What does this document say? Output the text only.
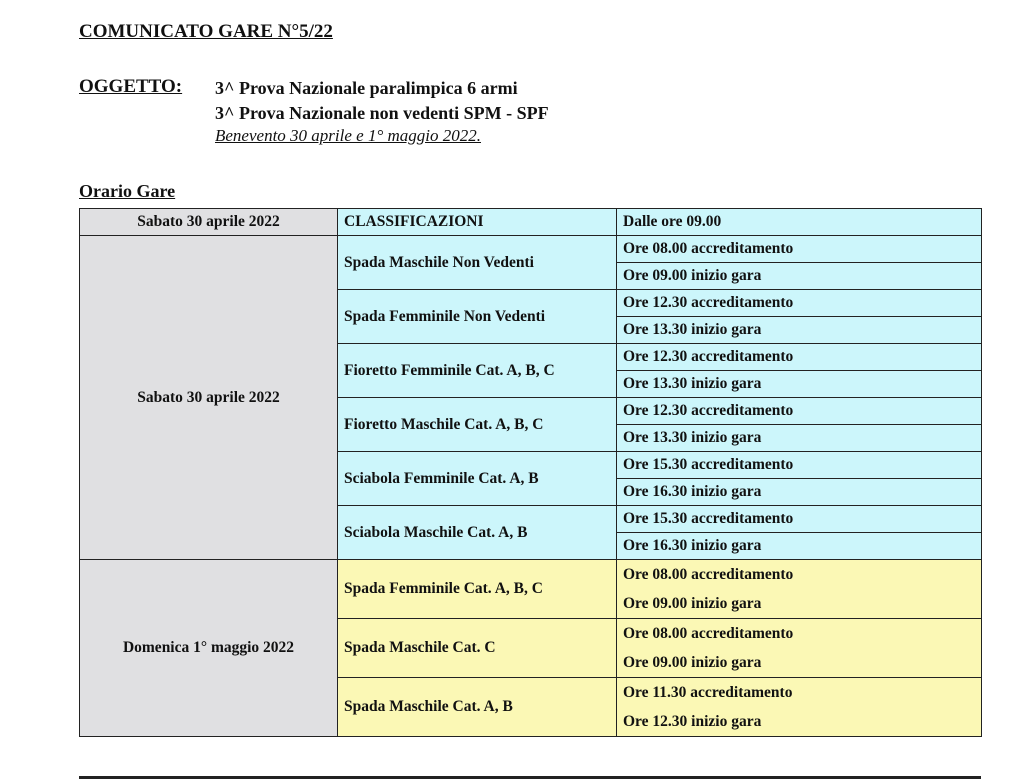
COMUNICATO GARE N°5/22
OGGETTO: 3^ Prova Nazionale paralimpica 6 armi
3^ Prova Nazionale non vedenti SPM - SPF
Benevento 30 aprile e 1° maggio 2022.
Orario Gare
Sabato 30 aprile 2022	CLASSIFICAZIONI	Dalle ore 09.00
Sabato 30 aprile 2022	Spada Maschile Non Vedenti	Ore 08.00 accreditamento
		Ore 09.00 inizio gara
	Spada Femminile Non Vedenti	Ore 12.30 accreditamento
		Ore 13.30 inizio gara
	Fioretto Femminile Cat. A, B, C	Ore 12.30 accreditamento
		Ore 13.30 inizio gara
	Fioretto Maschile Cat. A, B, C	Ore 12.30 accreditamento
		Ore 13.30 inizio gara
	Sciabola Femminile Cat. A, B	Ore 15.30 accreditamento
		Ore 16.30 inizio gara
	Sciabola Maschile Cat. A, B	Ore 15.30 accreditamento
		Ore 16.30 inizio gara
Domenica 1° maggio 2022	Spada Femminile Cat. A, B, C	Ore 08.00 accreditamento
		Ore 09.00 inizio gara
	Spada Maschile Cat. C	Ore 08.00 accreditamento
		Ore 09.00 inizio gara
	Spada Maschile Cat. A, B	Ore 11.30 accreditamento
		Ore 12.30 inizio gara
